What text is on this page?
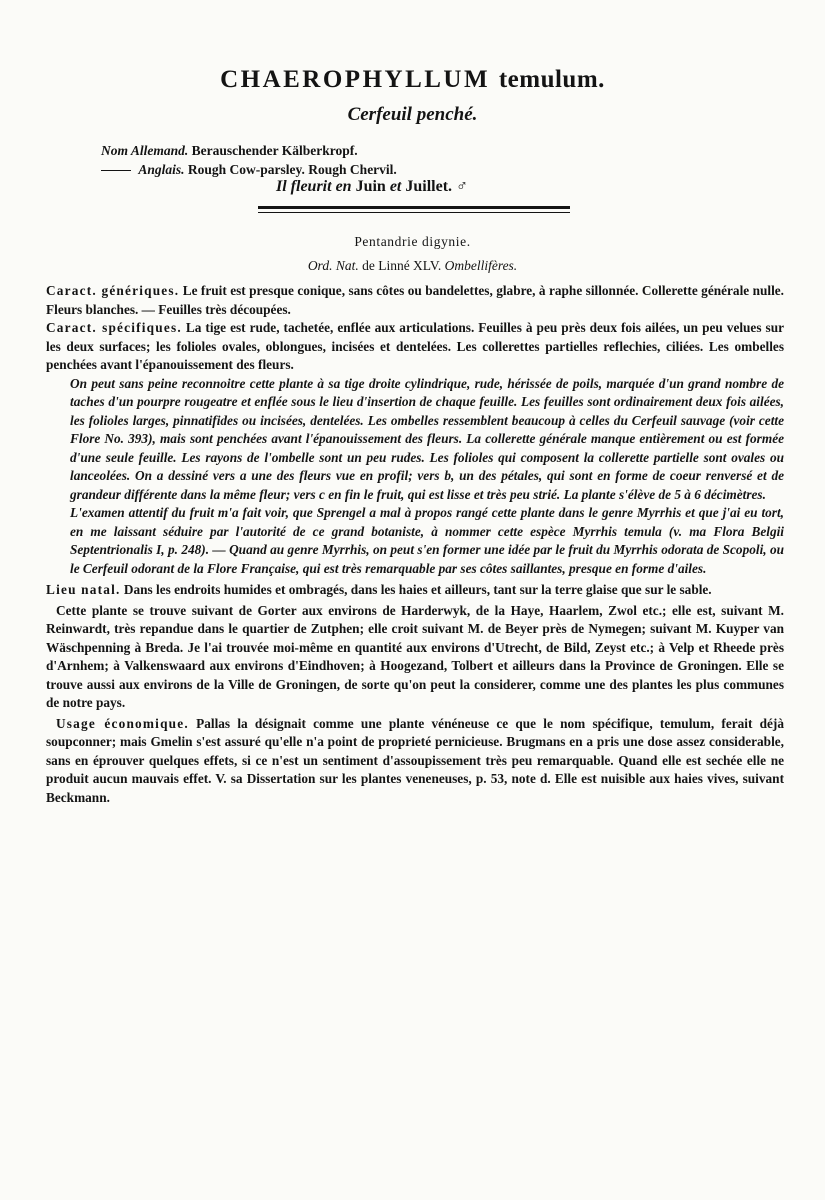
CHAEROPHYLLUM temulum.
Cerfeuil penché.
Nom Allemand. Berauschender Kälberkropf.
Anglais. Rough Cow-parsley. Rough Chervil.
Il fleurit en Juin et Juillet. ♂
Pentandrie digynie.
Ord. Nat. de Linné XLV. Ombellifères.

Caract. génériques. Le fruit est presque conique, sans côtes ou bandelettes, glabre, à raphe sillonnée. Collerette générale nulle. Fleurs blanches. — Feuilles très découpées.

Caract. spécifiques. La tige est rude, tachetée, enflée aux articulations. Feuilles à peu près deux fois ailées, un peu velues sur les deux surfaces; les folioles ovales, oblongues, incisées et dentelées. Les collerettes partielles reflechies, ciliées. Les ombelles penchées avant l'épanouissement des fleurs.

On peut sans peine reconnoitre cette plante à sa tige droite cylindrique, rude, hérissée de poils, marquée d'un grand nombre de taches d'un pourpre rougeatre et enflée sous le lieu d'insertion de chaque feuille. Les feuilles sont ordinairement deux fois ailées, les folioles larges, pinnatifides ou incisées, dentelées. Les ombelles ressemblent beaucoup à celles du Cerfeuil sauvage (voir cette Flore No. 393), mais sont penchées avant l'épanouissement des fleurs. La collerette générale manque entièrement ou est formée d'une seule feuille. Les rayons de l'ombelle sont un peu rudes. Les folioles qui composent la collerette partielle sont ovales ou lanceolées. On a dessiné vers a une des fleurs vue en profil; vers b, un des pétales, qui sont en forme de coeur renversé et de grandeur différente dans la même fleur; vers c en fin le fruit, qui est lisse et très peu strié. La plante s'élève de 5 à 6 décimètres.

L'examen attentif du fruit m'a fait voir, que Sprengel a mal à propos rangé cette plante dans le genre Myrrhis et que j'ai eu tort, en me laissant séduire par l'autorité de ce grand botaniste, à nommer cette espèce Myrrhis temula (v. ma Flora Belgii Septentrionalis I, p. 248). — Quand au genre Myrrhis, on peut s'en former une idée par le fruit du Myrrhis odorata de Scopoli, ou le Cerfeuil odorant de la Flore Française, qui est très remarquable par ses côtes saillantes, presque en forme d'ailes.

Lieu natal. Dans les endroits humides et ombragés, dans les haies et ailleurs, tant sur la terre glaise que sur le sable.

Cette plante se trouve suivant de Gorter aux environs de Harderwyk, de la Haye, Haarlem, Zwol etc.; elle est, suivant M. Reinwardt, très repandue dans le quartier de Zutphen; elle croit suivant M. de Beyer près de Nymegen; suivant M. Kuyper van Wäschpenning à Breda. Je l'ai trouvée moi-même en quantité aux environs d'Utrecht, de Bild, Zeyst etc.; à Velp et Rheede près d'Arnhem; à Valkenswaard aux environs d'Eindhoven; à Hoogezand, Tolbert et ailleurs dans la Province de Groningen. Elle se trouve aussi aux environs de la Ville de Groningen, de sorte qu'on peut la considerer, comme une des plantes les plus communes de notre pays.

Usage économique. Pallas la désignait comme une plante vénéneuse ce que le nom spécifique, temulum, ferait déjà soupconner; mais Gmelin s'est assuré qu'elle n'a point de proprieté pernicieuse. Brugmans en a pris une dose assez considerable, sans en éprouver quelques effets, si ce n'est un sentiment d'assoupissement très peu remarquable. Quand elle est sechée elle ne produit aucun mauvais effet. V. sa Dissertation sur les plantes veneneuses, p. 53, note d. Elle est nuisible aux haies vives, suivant Beckmann.
